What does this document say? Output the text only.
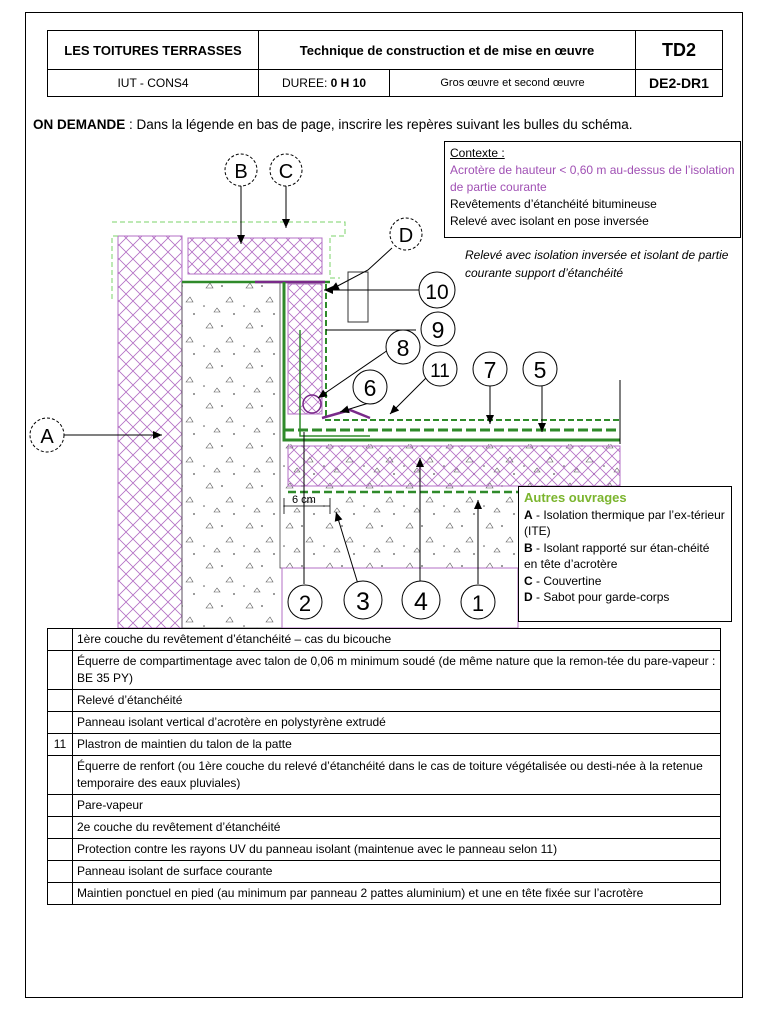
LES TOITURES TERRASSES	Technique de construction et de mise en œuvre		TD2
IUT - CONS4	DUREE: 0 H 10	Gros œuvre et second œuvre	DE2-DR1
ON DEMANDE : Dans la légende en bas de page, inscrire les repères suivant les bulles du schéma.
6 cm
A
B C
D
1
2 3 4
5
6
7
8
9
10
11
Contexte :
Acrotère de hauteur < 0,60 m au-dessus de l’isolation de partie courante
Revêtements d’étanchéité bitumineuse
Relevé avec isolant en pose inversée
Relevé avec isolation inversée et isolant de partie courante support d’étanchéité
Autres ouvrages
A - Isolation thermique par l’ex-térieur (ITE)
B - Isolant rapporté sur étan-chéité en tête d’acrotère
C - Couvertine
D - Sabot pour garde-corps
	1ère couche du revêtement d’étanchéité – cas du bicouche
	Équerre de compartimentage avec talon de 0,06 m minimum soudé (de même nature que la remon-tée du pare-vapeur : BE 35 PY)
	Relevé d’étanchéité
	Panneau isolant vertical d’acrotère en polystyrène extrudé
11	Plastron de maintien du talon de la patte
	Équerre de renfort (ou 1ère couche du relevé d’étanchéité dans le cas de toiture végétalisée ou desti-née à la retenue temporaire des eaux pluviales)
	Pare-vapeur
	2e couche du revêtement d’étanchéité
	Protection contre les rayons UV du panneau isolant (maintenue avec le panneau selon 11)
	Panneau isolant de surface courante
	Maintien ponctuel en pied (au minimum par panneau 2 pattes aluminium) et une en tête fixée sur l’acrotère
